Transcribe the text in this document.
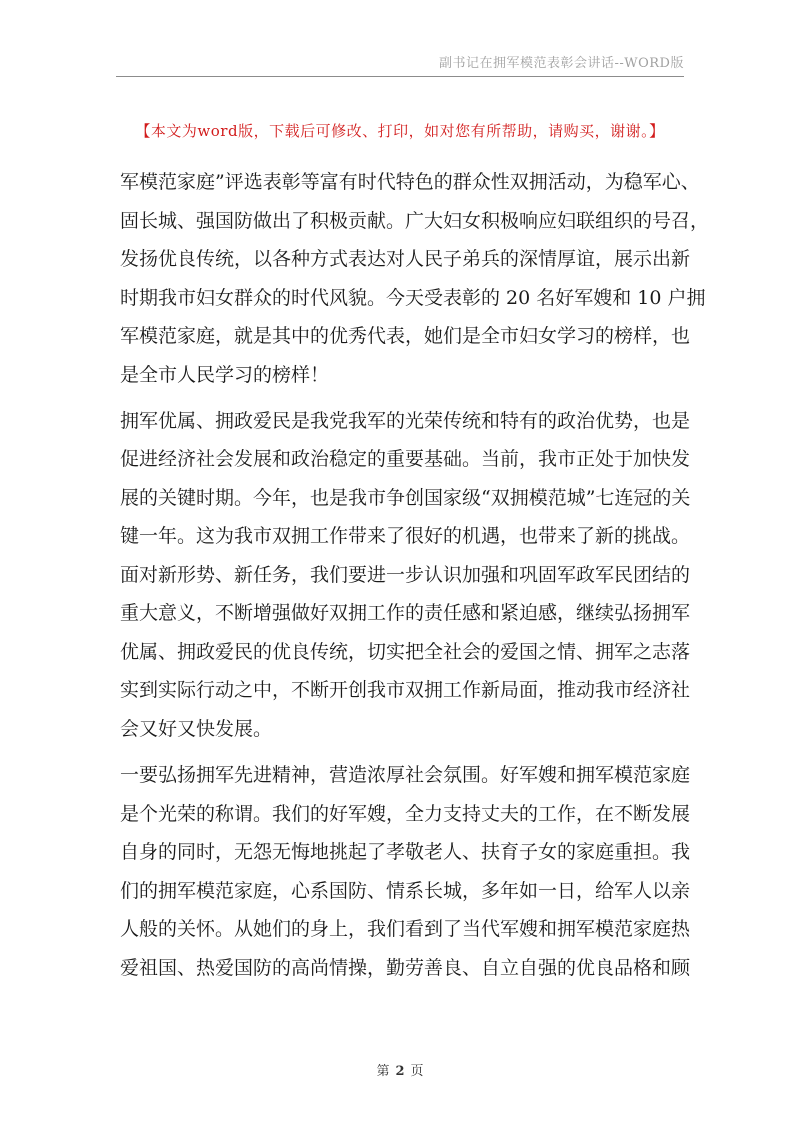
副书记在拥军模范表彰会讲话--WORD版
【本文为word版，下载后可修改、打印，如对您有所帮助，请购买，谢谢。】

军模范家庭”评选表彰等富有时代特色的群众性双拥活动，为稳军心、
固长城、强国防做出了积极贡献。广大妇女积极响应妇联组织的号召，
发扬优良传统，以各种方式表达对人民子弟兵的深情厚谊，展示出新
时期我市妇女群众的时代风貌。今天受表彰的 20 名好军嫂和 10 户拥
军模范家庭，就是其中的优秀代表，她们是全市妇女学习的榜样，也
是全市人民学习的榜样！

拥军优属、拥政爱民是我党我军的光荣传统和特有的政治优势，也是
促进经济社会发展和政治稳定的重要基础。当前，我市正处于加快发
展的关键时期。今年，也是我市争创国家级“双拥模范城”七连冠的关
键一年。这为我市双拥工作带来了很好的机遇，也带来了新的挑战。
面对新形势、新任务，我们要进一步认识加强和巩固军政军民团结的
重大意义，不断增强做好双拥工作的责任感和紧迫感，继续弘扬拥军
优属、拥政爱民的优良传统，切实把全社会的爱国之情、拥军之志落
实到实际行动之中，不断开创我市双拥工作新局面，推动我市经济社
会又好又快发展。

一要弘扬拥军先进精神，营造浓厚社会氛围。好军嫂和拥军模范家庭
是个光荣的称谓。我们的好军嫂，全力支持丈夫的工作，在不断发展
自身的同时，无怨无悔地挑起了孝敬老人、扶育子女的家庭重担。我
们的拥军模范家庭，心系国防、情系长城，多年如一日，给军人以亲
人般的关怀。从她们的身上，我们看到了当代军嫂和拥军模范家庭热
爱祖国、热爱国防的高尚情操，勤劳善良、自立自强的优良品格和顾

第 2 页
